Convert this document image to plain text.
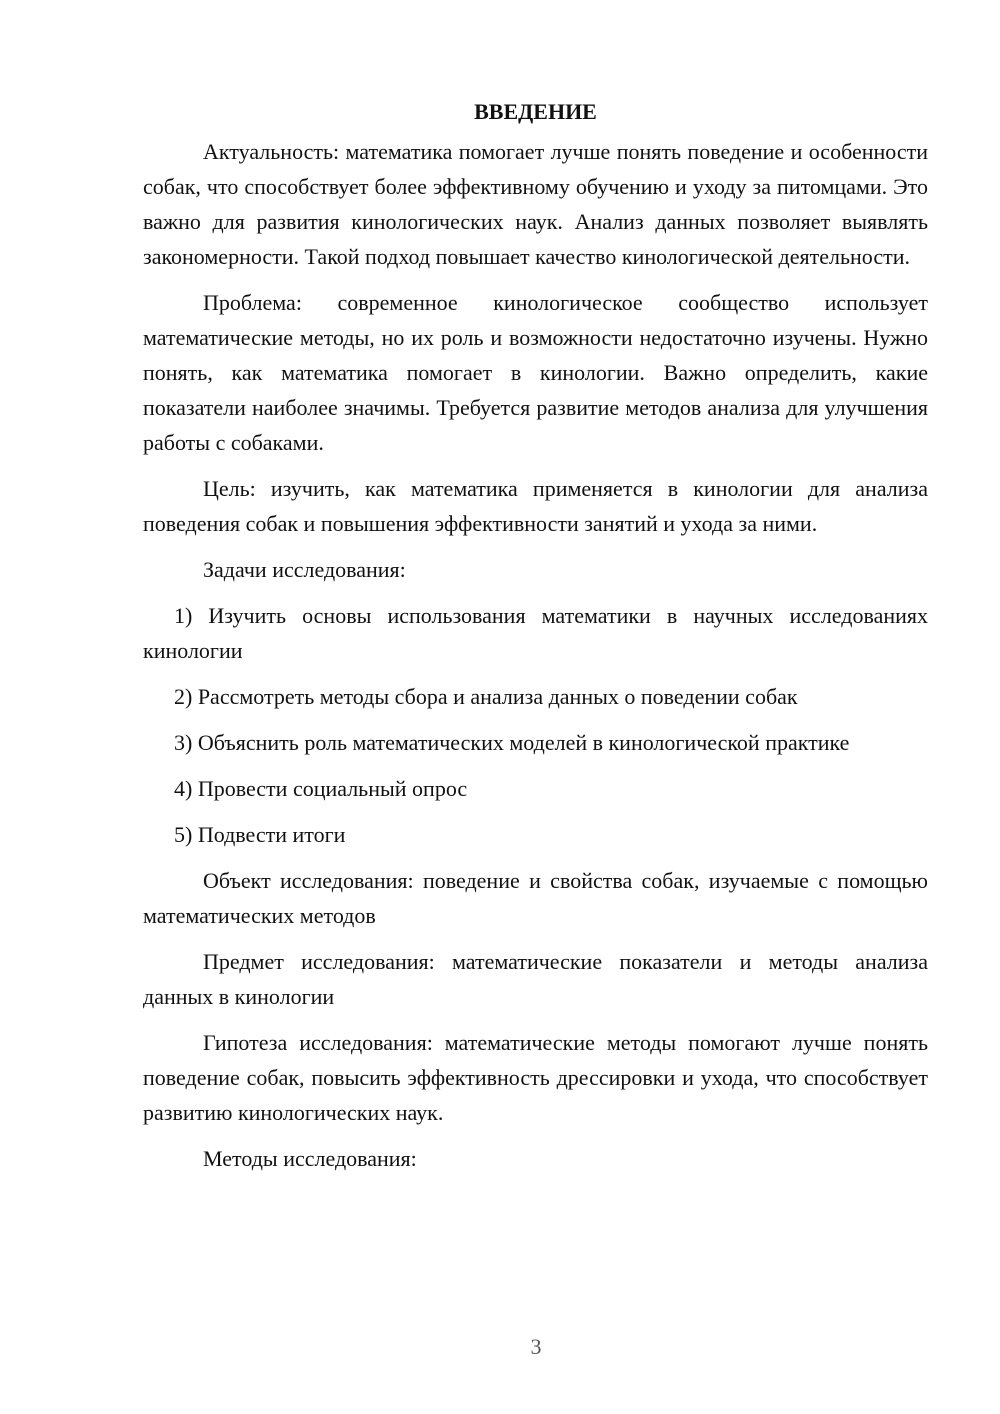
ВВЕДЕНИЕ

Актуальность: математика помогает лучше понять поведение и особенности собак, что способствует более эффективному обучению и уходу за питомцами. Это важно для развития кинологических наук. Анализ данных позволяет выявлять закономерности. Такой подход повышает качество кинологической деятельности.

Проблема: современное кинологическое сообщество использует математические методы, но их роль и возможности недостаточно изучены. Нужно понять, как математика помогает в кинологии. Важно определить, какие показатели наиболее значимы. Требуется развитие методов анализа для улучшения работы с собаками.

Цель: изучить, как математика применяется в кинологии для анализа поведения собак и повышения эффективности занятий и ухода за ними.

Задачи исследования:

1) Изучить основы использования математики в научных исследованиях кинологии

2) Рассмотреть методы сбора и анализа данных о поведении собак

3) Объяснить роль математических моделей в кинологической практике

4) Провести социальный опрос

5) Подвести итоги

Объект исследования: поведение и свойства собак, изучаемые с помощью математических методов

Предмет исследования: математические показатели и методы анализа данных в кинологии

Гипотеза исследования: математические методы помогают лучше понять поведение собак, повысить эффективность дрессировки и ухода, что способствует развитию кинологических наук.

Методы исследования:

3
